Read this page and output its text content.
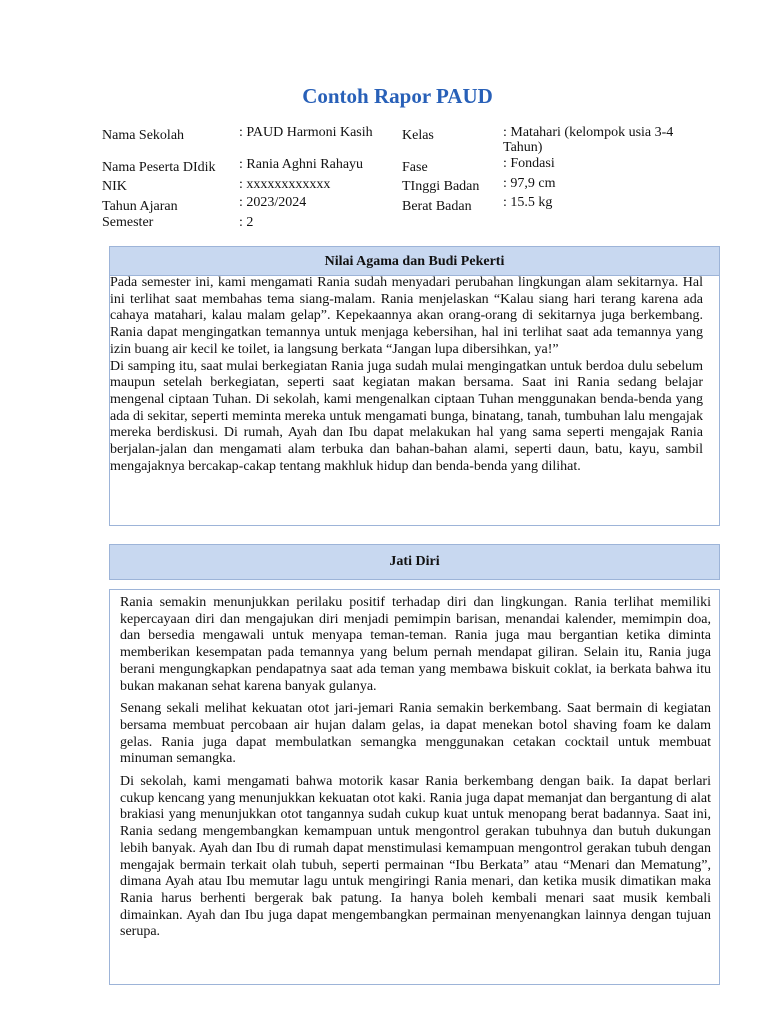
Contoh Rapor PAUD
Nama Sekolah	: PAUD Harmoni Kasih
Nama Peserta DIdik : Rania Aghni Rahayu
NIK	: xxxxxxxxxxxx
Tahun Ajaran	: 2023/2024
Semester	: 2
Kelas	: Matahari (kelompok usia 3-4 Tahun)
Fase	: Fondasi
TInggi Badan : 97,9 cm
Berat Badan : 15.5 kg
Nilai Agama dan Budi Pekerti

Pada semester ini, kami mengamati Rania sudah menyadari perubahan lingkungan alam sekitarnya. Hal ini terlihat saat membahas tema siang-malam. Rania menjelaskan “Kalau siang hari terang karena ada cahaya matahari, kalau malam gelap”. Kepekaannya akan orang-orang di sekitarnya juga berkembang. Rania dapat mengingatkan temannya untuk menjaga kebersihan, hal ini terlihat saat ada temannya yang izin buang air kecil ke toilet, ia langsung berkata “Jangan lupa dibersihkan, ya!”

Di samping itu, saat mulai berkegiatan Rania juga sudah mulai mengingatkan untuk berdoa dulu sebelum maupun setelah berkegiatan, seperti saat kegiatan makan bersama. Saat ini Rania sedang belajar mengenal ciptaan Tuhan. Di sekolah, kami mengenalkan ciptaan Tuhan menggunakan benda-benda yang ada di sekitar, seperti meminta mereka untuk mengamati bunga, binatang, tanah, tumbuhan lalu mengajak mereka berdiskusi. Di rumah, Ayah dan Ibu dapat melakukan hal yang sama seperti mengajak Rania berjalan-jalan dan mengamati alam terbuka dan bahan-bahan alami, seperti daun, batu, kayu, sambil mengajaknya bercakap-cakap tentang makhluk hidup dan benda-benda yang dilihat.

Jati Diri

Rania semakin menunjukkan perilaku positif terhadap diri dan lingkungan. Rania terlihat memiliki kepercayaan diri dan mengajukan diri menjadi pemimpin barisan, menandai kalender, memimpin doa, dan bersedia mengawali untuk menyapa teman-teman. Rania juga mau bergantian ketika diminta memberikan kesempatan pada temannya yang belum pernah mendapat giliran. Selain itu, Rania juga berani mengungkapkan pendapatnya saat ada teman yang membawa biskuit coklat, ia berkata bahwa itu bukan makanan sehat karena banyak gulanya.

Senang sekali melihat kekuatan otot jari-jemari Rania semakin berkembang. Saat bermain di kegiatan bersama membuat percobaan air hujan dalam gelas, ia dapat menekan botol shaving foam ke dalam gelas. Rania juga dapat membulatkan semangka menggunakan cetakan cocktail untuk membuat minuman semangka.

Di sekolah, kami mengamati bahwa motorik kasar Rania berkembang dengan baik. Ia dapat berlari cukup kencang yang menunjukkan kekuatan otot kaki. Rania juga dapat memanjat dan bergantung di alat brakiasi yang menunjukkan otot tangannya sudah cukup kuat untuk menopang berat badannya. Saat ini, Rania sedang mengembangkan kemampuan untuk mengontrol gerakan tubuhnya dan butuh dukungan lebih banyak. Ayah dan Ibu di rumah dapat menstimulasi kemampuan mengontrol gerakan tubuh dengan mengajak bermain terkait olah tubuh, seperti permainan “Ibu Berkata” atau “Menari dan Mematung”, dimana Ayah atau Ibu memutar lagu untuk mengiringi Rania menari, dan ketika musik dimatikan maka Rania harus berhenti bergerak bak patung. Ia hanya boleh kembali menari saat musik kembali dimainkan. Ayah dan Ibu juga dapat mengembangkan permainan menyenangkan lainnya dengan tujuan serupa.
